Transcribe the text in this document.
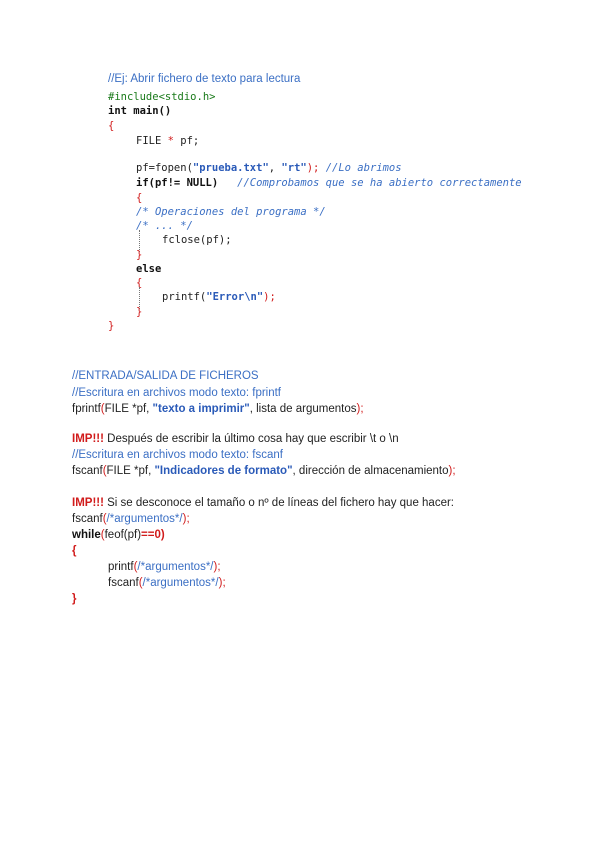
//Ej: Abrir fichero de texto para lectura
#include<stdio.h>
int main()
{
FILE * pf;
pf=fopen("prueba.txt", "rt"); //Lo abrimos
if(pf!= NULL) //Comprobamos que se ha abierto correctamente
{
/* Operaciones del programa */
/* ... */
fclose(pf);
}
else
{
printf("Error\n");
}
}
//ENTRADA/SALIDA DE FICHEROS
//Escritura en archivos modo texto: fprintf
fprintf(FILE *pf, "texto a imprimir", lista de argumentos);
IMP!!! Después de escribir la último cosa hay que escribir \t o \n
//Escritura en archivos modo texto: fscanf
fscanf(FILE *pf, "Indicadores de formato", dirección de almacenamiento);
IMP!!! Si se desconoce el tamaño o nº de líneas del fichero hay que hacer:
fscanf(/*argumentos*/);
while(feof(pf)==0)
{
printf(/*argumentos*/);
fscanf(/*argumentos*/);
}
